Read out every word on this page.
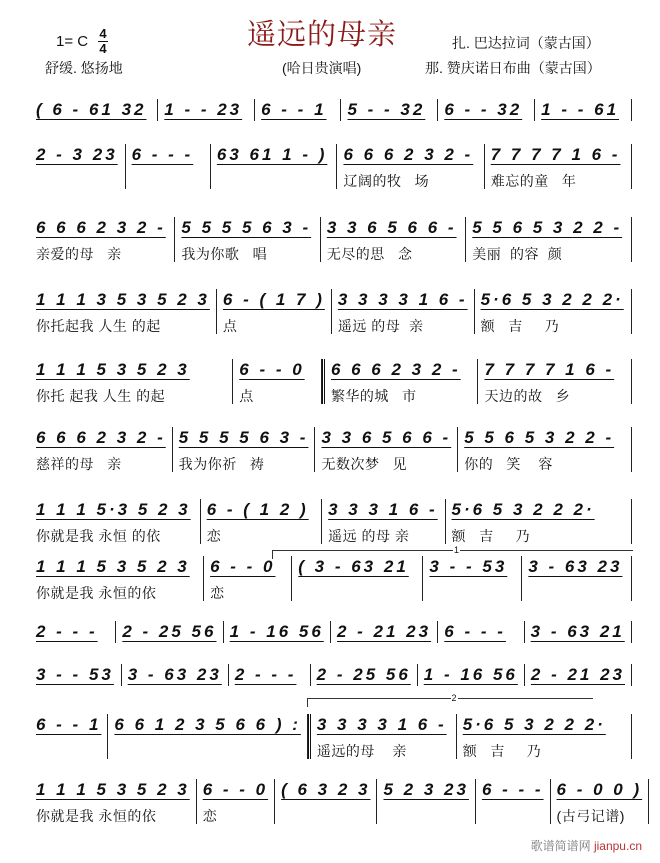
1= C 4
4
舒缓. 悠扬地
遥远的母亲
(哈日贵演唱)
扎. 巴达拉词（蒙古国）
那. 赞庆诺日布曲（蒙古国）
( 6 - 61 32 1 - - 23	6 - - 1	5 - - 32	6 - - 32	1 - - 61
2 - 3 23 6 - - -	63 61 1 - ) 6 6 6 2 3 2 -
辽阔的牧   场
7 7 7 7 1 6 -
难忘的童   年
6 6 6 2 3 2 -
亲爱的母   亲
5 5 5 5 6 3 -
我为你歌   唱
3 3 6 5 6 6 -
无尽的思   念
5 5 6 5 3 2 2 -
美丽  的容  颜
1 1 1 3 5 3 5 2 3
你托起我 人生 的起
6 - ( 1 7 )
点
3 3 3 3 1 6 -
遥远 的母  亲
5·6 5 3 2 2 2·
额   吉     乃
1 1 1 5 3 5 2 3
你托 起我 人生 的起
6 - - 0
点
6 6 6 2 3 2 -
繁华的城   市
7 7 7 7 1 6 -
天边的故   乡
6 6 6 2 3 2 -
慈祥的母   亲
5 5 5 5 6 3 -
我为你祈   祷
3 3 6 5 6 6 -
无数次梦   见
5 5 6 5 3 2 2 -
你的   笑    容
1 1 1 5·3 5 2 3
你就是我 永恒 的依
6 - ( 1 2 )
恋
3 3 3 1 6 -
遥远 的母 亲
5·6 5 3 2 2 2·
额   吉     乃
1 1 1 5 3 5 2 3
你就是我 永恒的依
6 - - 0
恋
( 3 - 63 21	3 - - 53	3 - 63 23
2 - - -	2 - 25 56 1 - 16 56 2 - 21 23 6 - - -	3 - 63 21
3 - - 53 3 - 63 23 2 - - -	2 - 25 56 1 - 16 56 2 - 21 23
6 - - 1 6 6 1 2 3 5 6 6 ) : 3 3 3 3 1 6 -
遥远的母    亲
5·6 5 3 2 2 2·
额   吉     乃
1 1 1 5 3 5 2 3
你就是我 永恒的依
6 - - 0
恋
( 6 3 2 3 5 2 3 23 6 - - - 6 - 0 0 )
(古弓记谱)
1
2
歌谱简谱网 jianpu.cn
